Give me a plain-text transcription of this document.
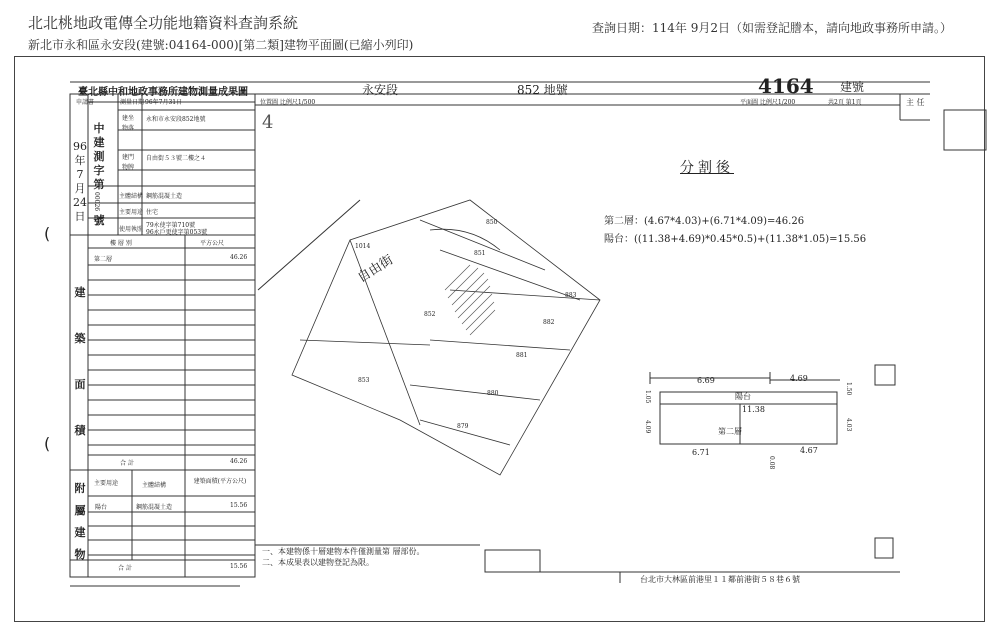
北北桃地政電傳全功能地籍資料查詢系統
新北市永和區永安段(建號:04164-000)[第二類]建物平面圖(已縮小列印)
查詢日期：114年 9月2日（如需登記謄本，請向地政事務所申請。）
臺北縣中和地政事務所建物測量成果圖	永安段	852 地號	4164 建號
位置圖 比例尺1/500	平面圖 比例尺1/200	共2頁 第1頁	主 任
4
申請書	測量日期 96年7月31日
中建測字第
96年7月24日 號
00026
建坐物落
永和市永安段852地號
建門物牌
自由街５３號二樓之４
主體結構 鋼筋混凝土造
主要用途 住宅
使用執照
79永使字第710號
96永戶更使字第053號
樓 層 別	平方公尺
第二層	46.26
建築面積
合 計	46.26
附屬建物
主要用途	主體結構
建築面積(平方公尺)
陽台	鋼筋混凝土造	15.56
合 計	15.56
自由街
1014
850
851
852
883
882
881
853
880
879
分割後
第二層：(4.67*4.03)+(6.71*4.09)=46.26
陽台：((11.38+4.69)*0.45*0.5)+(11.38*1.05)=15.56
6.69	4.69
陽台
11.38
第二層
6.71	4.67
1.05
4.09
1.50
4.03
0.08
一、本建物係十層建物本件僅測量第 層部份。
二、本成果表以建物登記為限。
台北市大林區前港里１１鄰前港街５８巷６號
(
(
